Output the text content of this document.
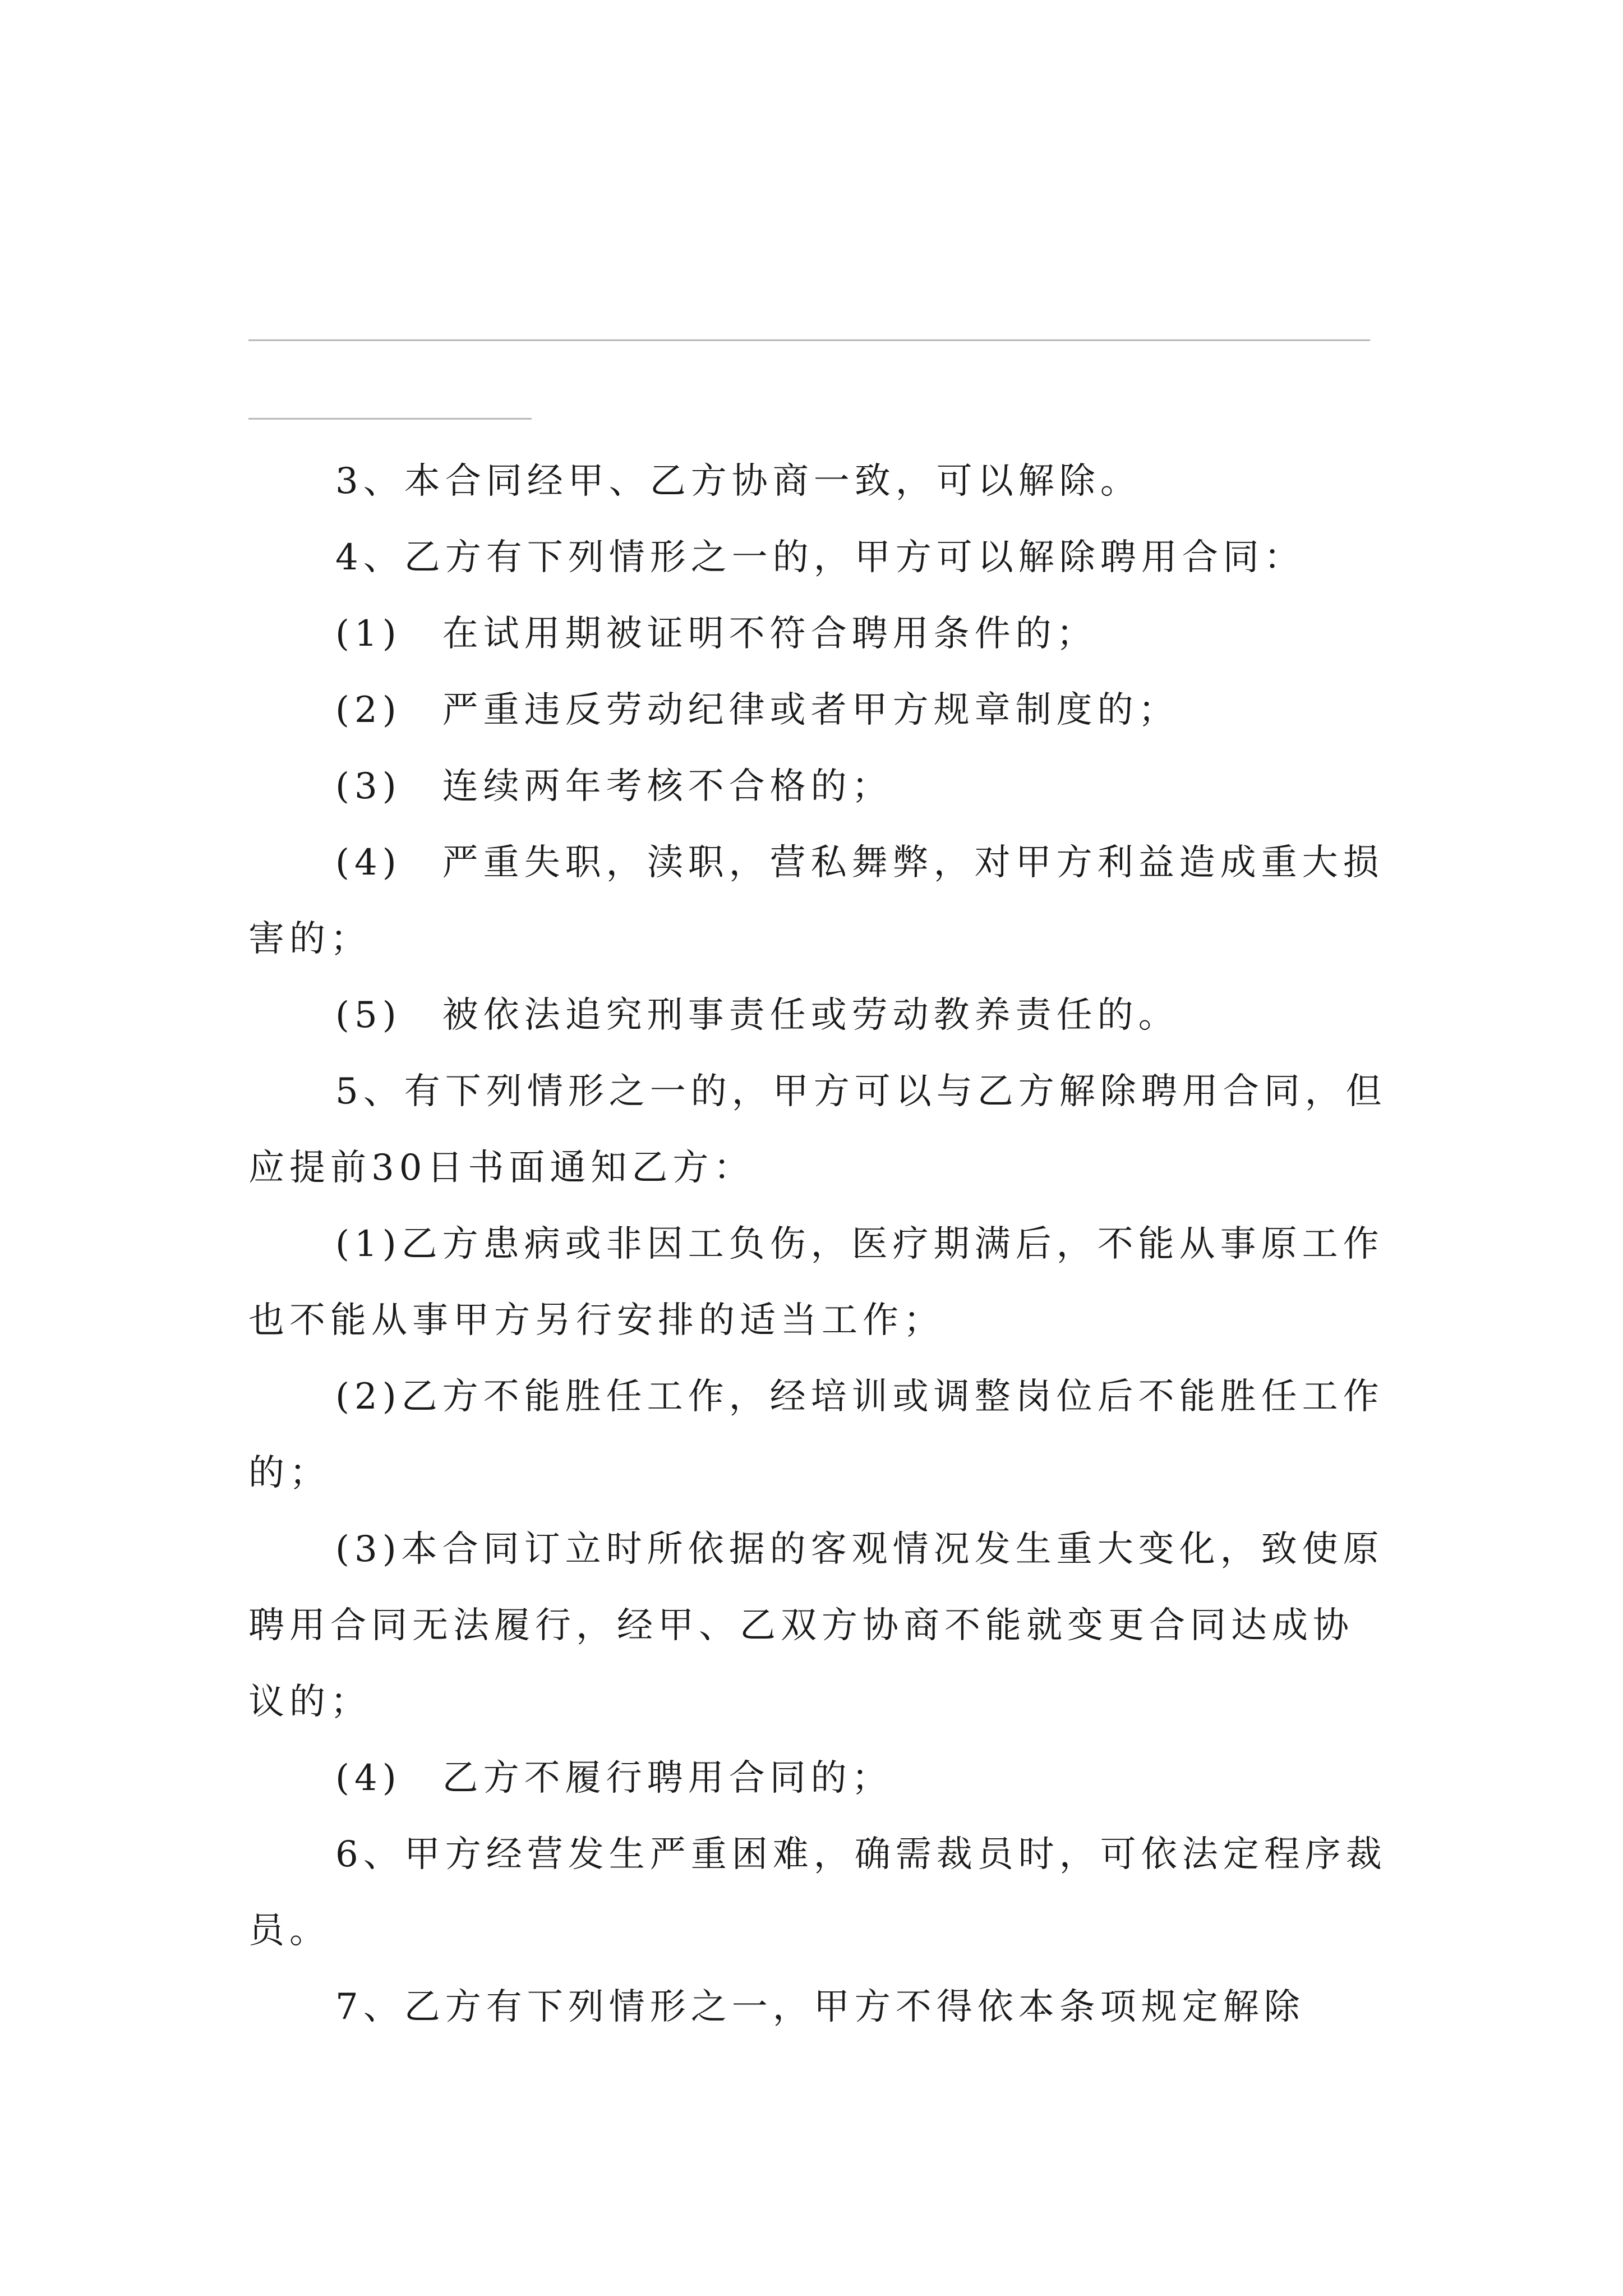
3、本合同经甲、乙方协商一致，可以解除。

4、乙方有下列情形之一的，甲方可以解除聘用合同：

(1)　在试用期被证明不符合聘用条件的；

(2)　严重违反劳动纪律或者甲方规章制度的；

(3)　连续两年考核不合格的；

(4)　严重失职，渎职，营私舞弊，对甲方利益造成重大损害的；

(5)　被依法追究刑事责任或劳动教养责任的。

5、有下列情形之一的，甲方可以与乙方解除聘用合同，但应提前30日书面通知乙方：

(1)乙方患病或非因工负伤，医疗期满后，不能从事原工作也不能从事甲方另行安排的适当工作；

(2)乙方不能胜任工作，经培训或调整岗位后不能胜任工作的；

(3)本合同订立时所依据的客观情况发生重大变化，致使原聘用合同无法履行，经甲、乙双方协商不能就变更合同达成协议的；

(4)　乙方不履行聘用合同的；

6、甲方经营发生严重困难，确需裁员时，可依法定程序裁员。

7、乙方有下列情形之一，甲方不得依本条项规定解除
